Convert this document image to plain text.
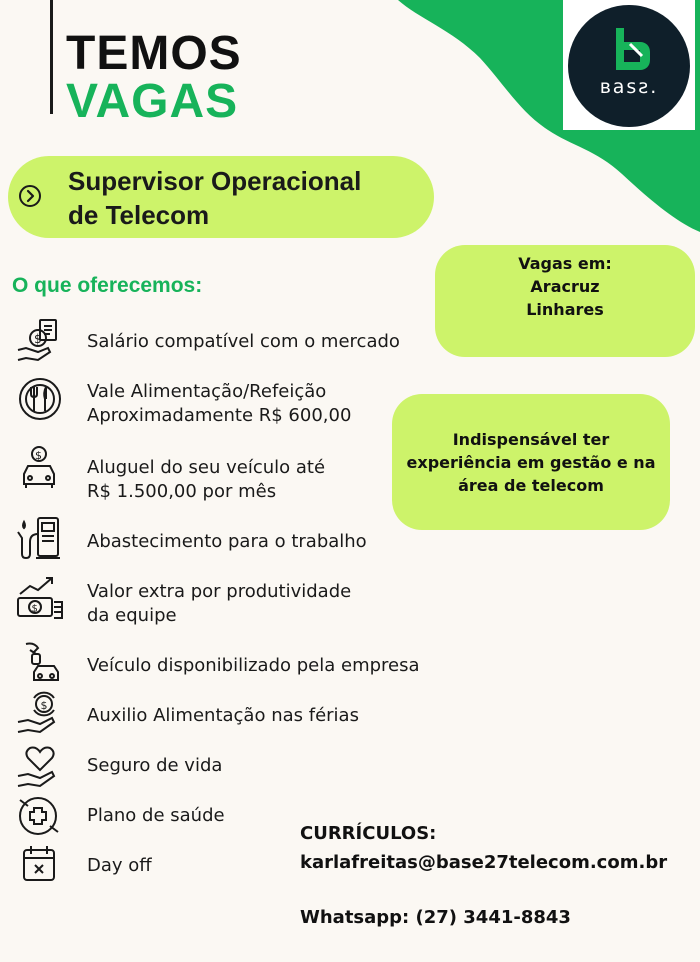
TEMOS
VAGAS	ʙasƨ.
Supervisor Operacional
de Telecom
O que oferecemos:
Vagas em:
Aracruz
Linhares
Indispensável ter
experiência em gestão e na
área de telecom
$	Salário compatível com o mercado
Vale Alimentação/Refeição
Aproximadamente R$ 600,00
$
Aluguel do seu veículo até
R$ 1.500,00 por mês
Abastecimento para o trabalho
$
Valor extra por produtividade
da equipe
Veículo disponibilizado pela empresa
$ Auxilio Alimentação nas férias
Seguro de vida
Plano de saúde
Day off
CURRÍCULOS:
karlafreitas@base27telecom.com.br
Whatsapp: (27) 3441-8843
